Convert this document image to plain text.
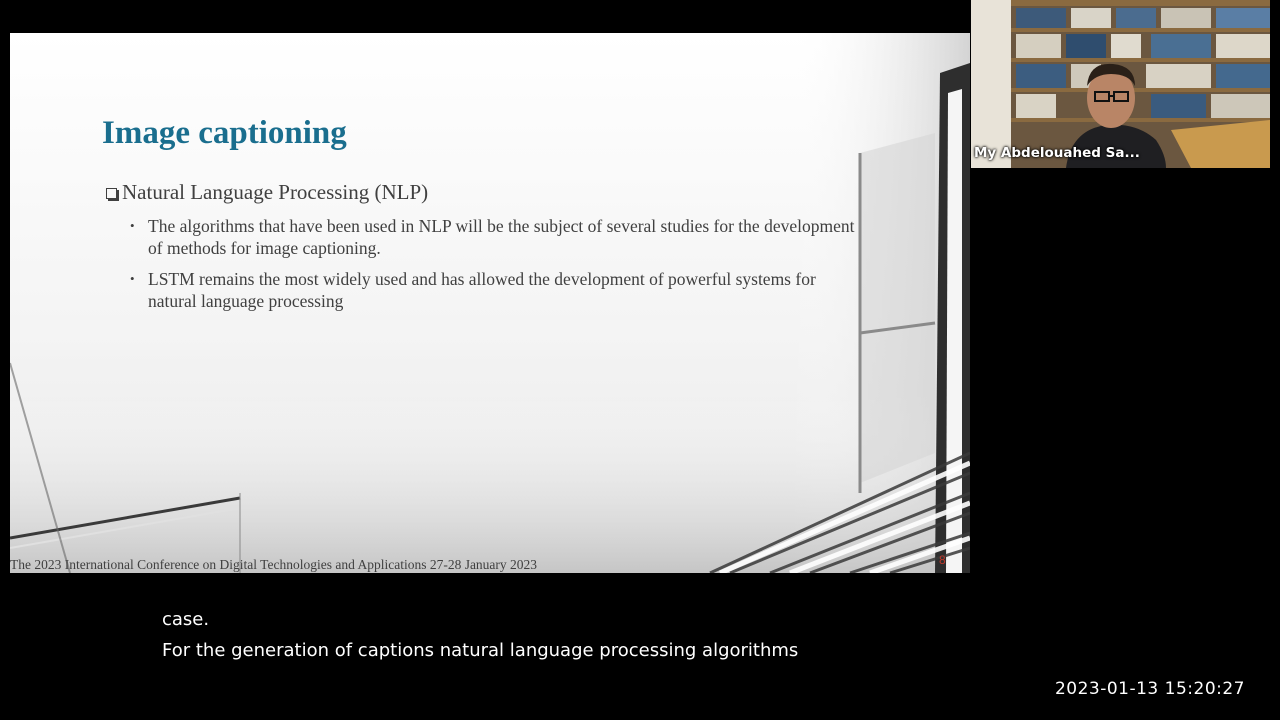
Image captioning
Natural Language Processing (NLP)
• The algorithms that have been used in NLP will be the subject of several studies for the development of methods for image captioning.
• LSTM remains the most widely used and has allowed the development of powerful systems for natural language processing
The 2023 International Conference on Digital Technologies and Applications 27-28 January 2023	8
My Abdelouahed Sa...
case.
For the generation of captions natural language processing algorithms
2023-01-13 15:20:27
